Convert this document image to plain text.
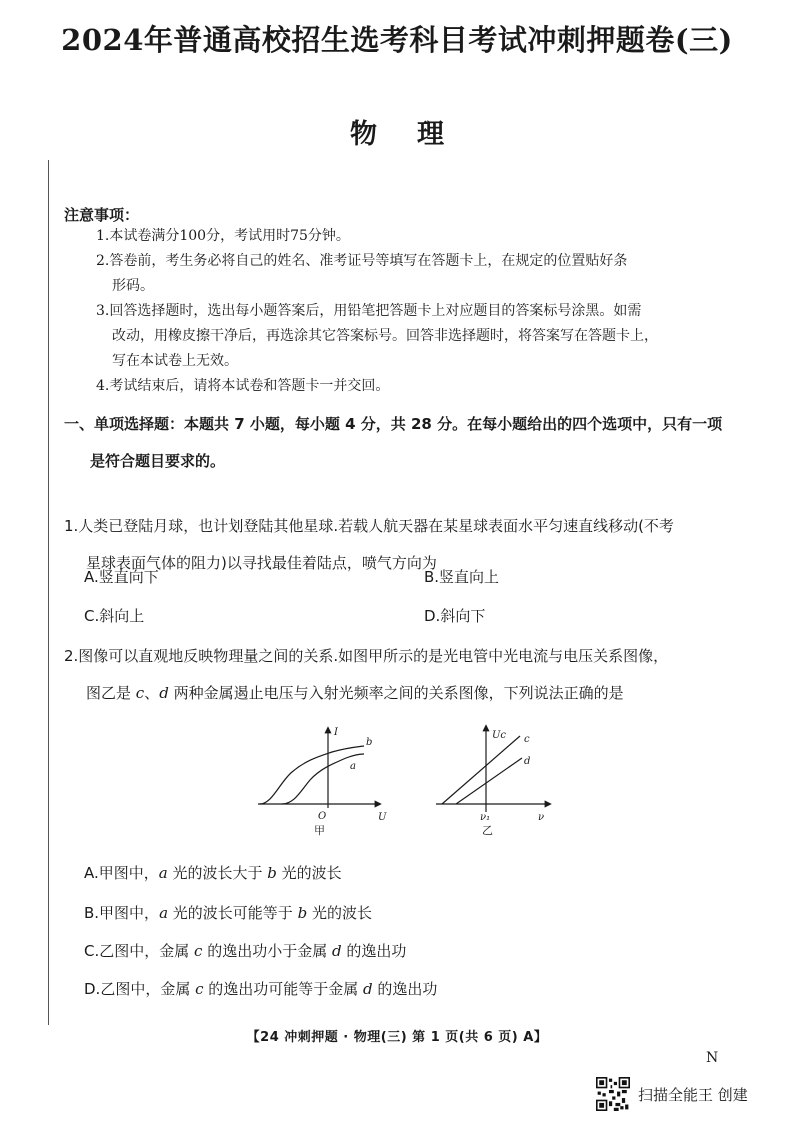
2024年普通高校招生选考科目考试冲刺押题卷(三)
物理
注意事项：

1.本试卷满分100分，考试用时75分钟。

2.答卷前，考生务必将自己的姓名、准考证号等填写在答题卡上，在规定的位置贴好条

形码。

3.回答选择题时，选出每小题答案后，用铅笔把答题卡上对应题目的答案标号涂黑。如需

改动，用橡皮擦干净后，再选涂其它答案标号。回答非选择题时，将答案写在答题卡上，

写在本试卷上无效。

4.考试结束后，请将本试卷和答题卡一并交回。

一、单项选择题：本题共 7 小题，每小题 4 分，共 28 分。在每小题给出的四个选项中，只有一项
是符合题目要求的。
1.人类已登陆月球，也计划登陆其他星球.若载人航天器在某星球表面水平匀速直线移动(不考
星球表面气体的阻力)以寻找最佳着陆点，喷气方向为
A.竖直向下	B.竖直向上
C.斜向上	D.斜向下
2.图像可以直观地反映物理量之间的关系.如图甲所示的是光电管中光电流与电压关系图像，
图乙是 c、d 两种金属遏止电压与入射光频率之间的关系图像，下列说法正确的是
I
U
O
b
a
甲
Uc
ν
ν₁
c
d
乙
A.甲图中，a 光的波长大于 b 光的波长
B.甲图中，a 光的波长可能等于 b 光的波长
C.乙图中，金属 c 的逸出功小于金属 d 的逸出功
D.乙图中，金属 c 的逸出功可能等于金属 d 的逸出功
【24 冲刺押题 · 物理(三) 第 1 页(共 6 页) A】
N
扫描全能王 创建
